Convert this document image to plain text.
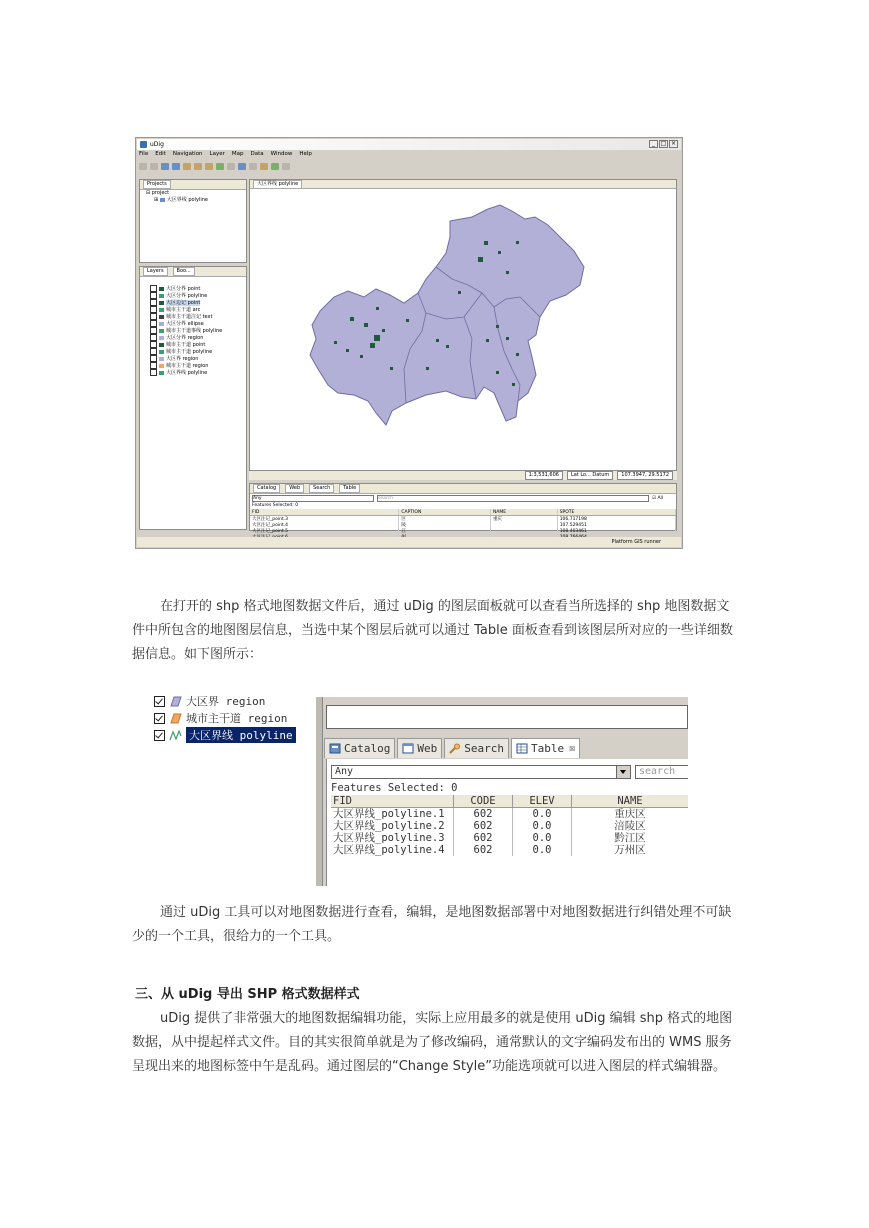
uDig	_ □ ×
File Edit Navigation Layer Map Data Window Help
Projects
⊟ project
⊞ 大区界线 polyline
Layers	Boo...
大区分界 point
大区分界 polyline
大区边记 point
城市主干道 arc
城市主干道注记 text
大区分界 ellipse
城市主干道事线 polyline
大区分界 region
城市主干道 point
城市主干道 polyline
大区界 region
城市主干道 region
大区界线 polyline
大区界线 polyline
1:3,531,606	Lat Lo... Datum	107.3947, 29.5172
Catalog	Web	Search	Table
Any	search	☑ All
Features Selected: 0
FID	CAPTION	NAME	SPOTE
大区注记_point.3	区	重庆	106.717198
大区注记_point.4	陵		107.529451
大区注记_point.5	江		108.403461

Platform GIS runner

在打开的 shp 格式地图数据文件后，通过 uDig 的图层面板就可以查看当所选择的 shp 地图数据文件中所包含的地图图层信息，当选中某个图层后就可以通过 Table 面板查看到该图层所对应的一些详细数据信息。如下图所示：

大区界 region
城市主干道 region
大区界线 polyline
Catalog Web Search Table ☒
Any	search
Features Selected: 0
FID	CODE	ELEV	NAME
大区界线_polyline.1	602	0.0	重庆区
大区界线_polyline.2	602	0.0	涪陵区
大区界线_polyline.3	602	0.0	黔江区
大区界线_polyline.4	602	0.0	万州区

通过 uDig 工具可以对地图数据进行查看，编辑，是地图数据部署中对地图数据进行纠错处理不可缺少的一个工具，很给力的一个工具。

三、从 uDig 导出 SHP 格式数据样式

uDig 提供了非常强大的地图数据编辑功能，实际上应用最多的就是使用 uDig 编辑 shp 格式的地图数据，从中提起样式文件。目的其实很简单就是为了修改编码，通常默认的文字编码发布出的 WMS 服务呈现出来的地图标签中午是乱码。通过图层的“Change Style”功能选项就可以进入图层的样式编辑器。
